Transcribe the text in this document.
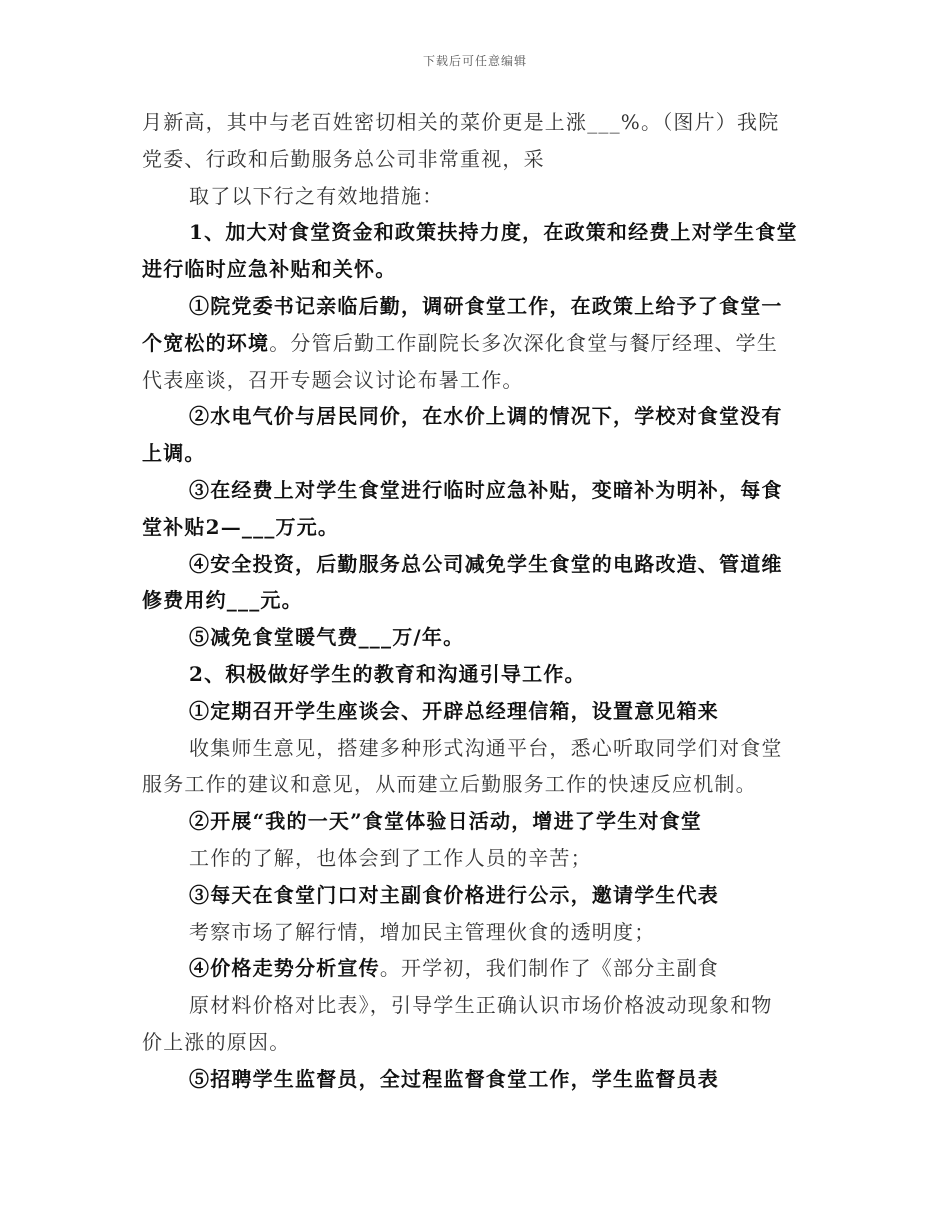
下载后可任意编辑
月新高，其中与老百姓密切相关的菜价更是上涨___%。（图片）我院
党委、行政和后勤服务总公司非常重视，采
取了以下行之有效地措施：
1、加大对食堂资金和政策扶持力度，在政策和经费上对学生食堂
进行临时应急补贴和关怀。
①院党委书记亲临后勤，调研食堂工作，在政策上给予了食堂一
个宽松的环境。分管后勤工作副院长多次深化食堂与餐厅经理、学生
代表座谈，召开专题会议讨论布暑工作。
②水电气价与居民同价，在水价上调的情况下，学校对食堂没有
上调。
③在经费上对学生食堂进行临时应急补贴，变暗补为明补，每食
堂补贴2—___万元。
④安全投资，后勤服务总公司减免学生食堂的电路改造、管道维
修费用约___元。
⑤减免食堂暖气费___万/年。
2、积极做好学生的教育和沟通引导工作。
①定期召开学生座谈会、开辟总经理信箱，设置意见箱来
收集师生意见，搭建多种形式沟通平台，悉心听取同学们对食堂
服务工作的建议和意见，从而建立后勤服务工作的快速反应机制。
②开展“我的一天”食堂体验日活动，增进了学生对食堂
工作的了解，也体会到了工作人员的辛苦；
③每天在食堂门口对主副食价格进行公示，邀请学生代表
考察市场了解行情，增加民主管理伙食的透明度；
④价格走势分析宣传。开学初，我们制作了《部分主副食
原材料价格对比表》，引导学生正确认识市场价格波动现象和物
价上涨的原因。
⑤招聘学生监督员，全过程监督食堂工作，学生监督员表
